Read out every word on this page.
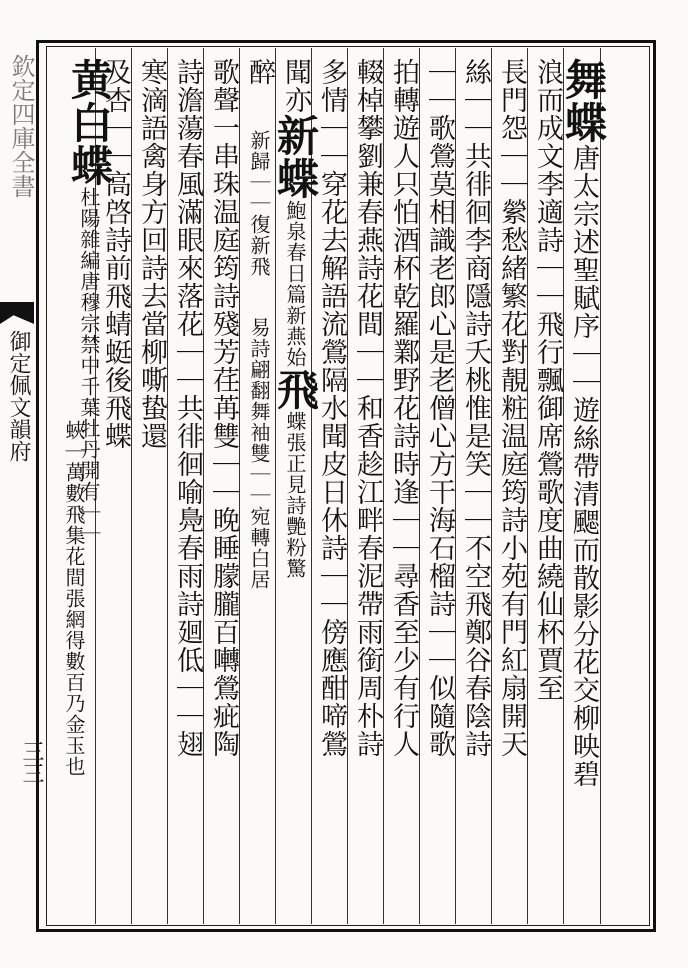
欽定四庫全書
御定佩文韻府
三三
舞蝶唐太宗述聖賦序｜｜遊絲帶清颸而散影分花交柳映碧
浪而成文李適詩｜｜飛行飄御席鶯歌度曲繞仙杯賈至
長門怨｜｜縈愁緒繁花對靚粧温庭筠詩小苑有門紅扇開天
絲｜｜共徘徊李商隱詩夭桃惟是笑｜｜不空飛鄭谷春陰詩
｜｜歌鶯莫相識老郎心是老僧心方干海石榴詩｜｜似隨歌
拍轉遊人只怕酒杯乾羅鄴野花詩時逢｜｜尋香至少有行人
輟棹攀劉兼春燕詩花間｜｜和香趁江畔春泥帶雨銜周朴詩
多情｜｜穿花去解語流鶯隔水聞皮日休詩｜｜傍應酣啼鶯
聞亦新蝶鮑泉春日篇新燕始飛蝶張正見詩艷粉驚
醉新歸｜｜復新飛易詩翩翻舞袖雙｜｜宛轉白居
歌聲一串珠温庭筠詩殘芳荏苒雙｜｜晚睡朦朧百囀鶯疵陶
詩澹蕩春風滿眼來落花｜｜共徘徊喻鳧春雨詩廻低｜｜翅
寒滴語禽身方回詩去當柳嘶蛰還
及杏｜｜高啓詩前飛蜻蜓後飛蝶
黄白蝶杜陽雜編唐穆宗禁中千葉牡丹開有｜｜
蛺｜萬數飛集花間張網得數百乃金玉也
